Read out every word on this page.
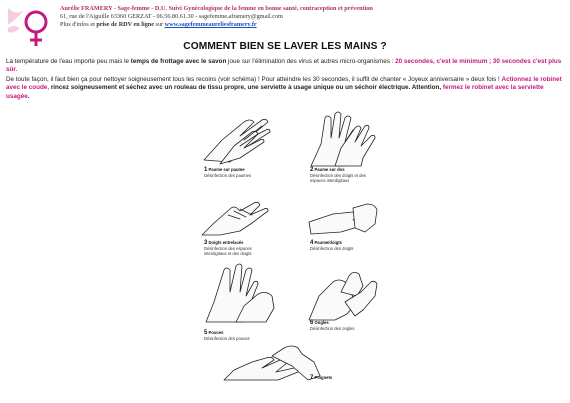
Aurélie FRAMERY - Sage-femme - D.U. Suivi Gynécologique de la femme en bonne santé, contraception et prévention
61, rue de l'Aiguille 63360 GERZAT - 06.56.80.61.30 - sagefemme.aframery@gmail.com
Plus d'infos et prise de RDV en ligne sur www.sagefemmeaureliesframery.fr
COMMENT BIEN SE LAVER LES MAINS ?
La température de l'eau importe peu mais le temps de frottage avec le savon joue sur l'élimination des virus et autres micro-organismes : 20 secondes, c'est le minimum ; 30 secondes c'est plus sûr.
De toute façon, il faut bien ça pour nettoyer soigneusement tous les recoins (voir schéma) ! Pour atteindre les 30 secondes, il suffit de chanter « Joyeux anniversaire » deux fois ! Actionnez le robinet avec le coude, rincez soigneusement et séchez avec un rouleau de tissu propre, une serviette à usage unique ou un séchoir électrique. Attention, fermez le robinet avec la serviette usagée.
1 Paume sur paume
Désinfection des paumes
2 Paume sur dos
Désinfection des doigts et des espaces interdigitaux
3 Doigts entrelacés
Désinfection des espaces interdigitaux et des doigts
4 Paume/doigts
Désinfection des doigts
5 Pouces
Désinfection des pouces
6 Ongles
Désinfection des ongles
7 Poignets
